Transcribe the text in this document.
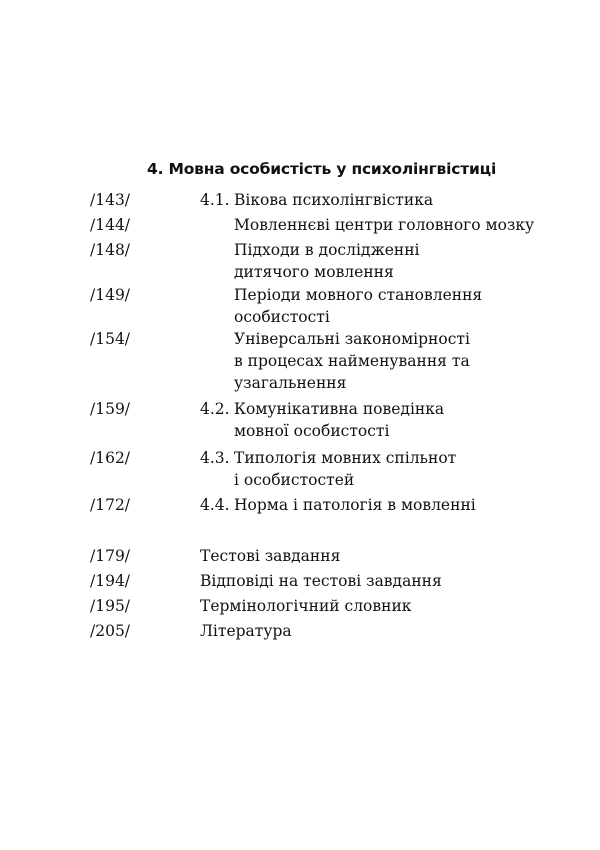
4. Мовна особистість у психолінгвістиці
/143/	4.1. Вікова психолінгвістика
/144/	Мовленнєві центри головного мозку
/148/	Підходи в дослідженні
дитячого мовлення
/149/	Періоди мовного становлення
особистості
/154/	Універсальні закономірності
в процесах найменування та
узагальнення
/159/	4.2. Комунікативна поведінка
мовної особистості
/162/	4.3. Типологія мовних спільнот
і особистостей
/172/	4.4. Норма і патологія в мовленні
/179/	Тестові завдання
/194/	Відповіді на тестові завдання
/195/	Термінологічний словник
/205/	Література
